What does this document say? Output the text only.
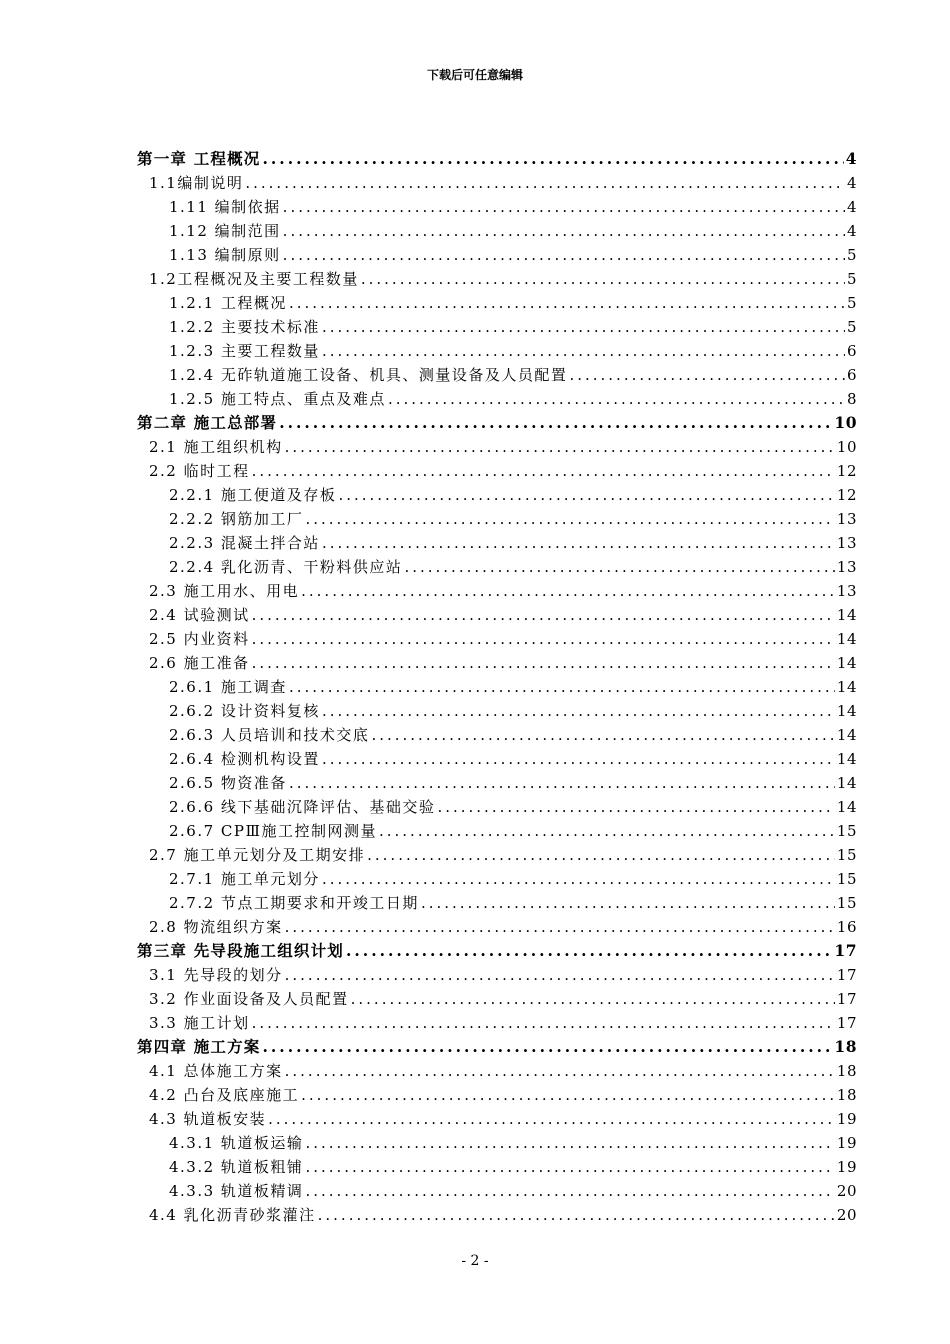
下载后可任意编辑
第一章 工程概况 .....	4
1.1编制说明 .....	4
1.11 编制依据 .....	4
1.12 编制范围 .....	4
1.13 编制原则 .....	5
1.2工程概况及主要工程数量 .....	5
1.2.1 工程概况 .....	5
1.2.2 主要技术标准 .....	5
1.2.3 主要工程数量 .....	6
1.2.4 无砟轨道施工设备、机具、测量设备及人员配置 .....	6
1.2.5 施工特点、重点及难点 .....	8
第二章 施工总部署 .....	10
2.1 施工组织机构 .....	10
2.2 临时工程 .....	12
2.2.1 施工便道及存板 .....	12
2.2.2 钢筋加工厂 .....	13
2.2.3 混凝土拌合站 .....	13
2.2.4 乳化沥青、干粉料供应站 .....	13
2.3 施工用水、用电 .....	13
2.4 试验测试 .....	14
2.5 内业资料 .....	14
2.6 施工准备 .....	14
2.6.1 施工调查 .....	14
2.6.2 设计资料复核 .....	14
2.6.3 人员培训和技术交底 .....	14
2.6.4 检测机构设置 .....	14
2.6.5 物资准备 .....	14
2.6.6 线下基础沉降评估、基础交验 .....	14
2.6.7 CPⅢ施工控制网测量 .....	15
2.7 施工单元划分及工期安排 .....	15
2.7.1 施工单元划分 .....	15
2.7.2 节点工期要求和开竣工日期 .....	15
2.8 物流组织方案 .....	16
第三章 先导段施工组织计划 .....	17
3.1 先导段的划分 .....	17
3.2 作业面设备及人员配置 .....	17
3.3 施工计划 .....	17
第四章 施工方案 .....	18
4.1 总体施工方案 .....	18
4.2 凸台及底座施工 .....	18
4.3 轨道板安装 .....	19
4.3.1 轨道板运输 .....	19
4.3.2 轨道板粗铺 .....	19
4.3.3 轨道板精调 .....	20
4.4 乳化沥青砂浆灌注 .....	20
- 2 -
